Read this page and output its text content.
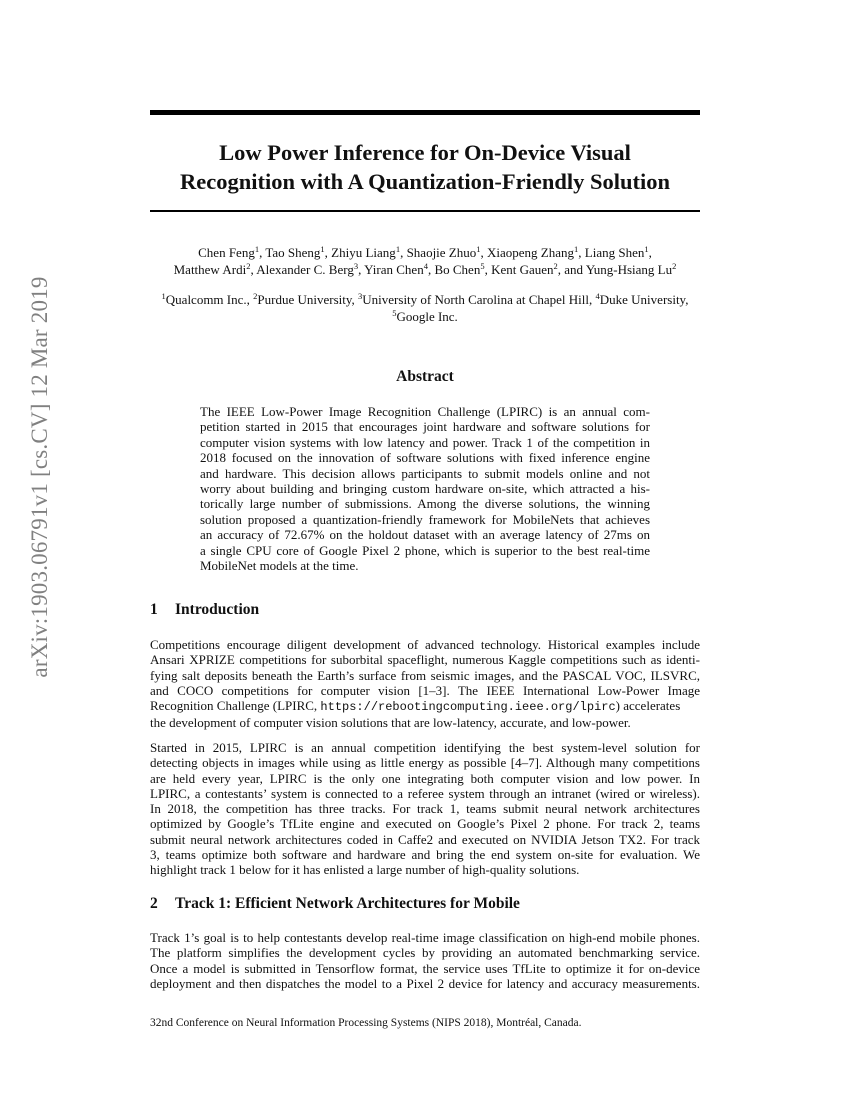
arXiv:1903.06791v1 [cs.CV] 12 Mar 2019
Low Power Inference for On-Device Visual
Recognition with A Quantization-Friendly Solution
Chen Feng$^1$, Tao Sheng$^1$, Zhiyu Liang$^1$, Shaojie Zhuo$^1$, Xiaopeng Zhang$^1$, Liang Shen$^1$,
Matthew Ardi$^2$, Alexander C. Berg$^3$, Yiran Chen$^4$, Bo Chen$^5$, Kent Gauen$^2$, and Yung-Hsiang Lu$^2$
$^1$Qualcomm Inc., $^2$Purdue University, $^3$University of North Carolina at Chapel Hill, $^4$Duke University,
$^5$Google Inc.
Abstract
The IEEE Low-Power Image Recognition Challenge (LPIRC) is an annual com-
petition started in 2015 that encourages joint hardware and software solutions for
computer vision systems with low latency and power. Track 1 of the competition in
2018 focused on the innovation of software solutions with fixed inference engine
and hardware. This decision allows participants to submit models online and not
worry about building and bringing custom hardware on-site, which attracted a his-
torically large number of submissions. Among the diverse solutions, the winning
solution proposed a quantization-friendly framework for MobileNets that achieves
an accuracy of 72.67% on the holdout dataset with an average latency of 27ms on
a single CPU core of Google Pixel 2 phone, which is superior to the best real-time
MobileNet models at the time.
1 Introduction
Competitions encourage diligent development of advanced technology. Historical examples include
Ansari XPRIZE competitions for suborbital spaceflight, numerous Kaggle competitions such as identi-
fying salt deposits beneath the Earth’s surface from seismic images, and the PASCAL VOC, ILSVRC,
and COCO competitions for computer vision [1–3]. The IEEE International Low-Power Image
Recognition Challenge (LPIRC, https://rebootingcomputing.ieee.org/lpirc) accelerates
the development of computer vision solutions that are low-latency, accurate, and low-power.
Started in 2015, LPIRC is an annual competition identifying the best system-level solution for
detecting objects in images while using as little energy as possible [4–7]. Although many competitions
are held every year, LPIRC is the only one integrating both computer vision and low power. In
LPIRC, a contestants’ system is connected to a referee system through an intranet (wired or wireless).
In 2018, the competition has three tracks. For track 1, teams submit neural network architectures
optimized by Google’s TfLite engine and executed on Google’s Pixel 2 phone. For track 2, teams
submit neural network architectures coded in Caffe2 and executed on NVIDIA Jetson TX2. For track
3, teams optimize both software and hardware and bring the end system on-site for evaluation. We
highlight track 1 below for it has enlisted a large number of high-quality solutions.
2 Track 1: Efficient Network Architectures for Mobile
Track 1’s goal is to help contestants develop real-time image classification on high-end mobile phones.
The platform simplifies the development cycles by providing an automated benchmarking service.
Once a model is submitted in Tensorflow format, the service uses TfLite to optimize it for on-device
deployment and then dispatches the model to a Pixel 2 device for latency and accuracy measurements.
32nd Conference on Neural Information Processing Systems (NIPS 2018), Montréal, Canada.
